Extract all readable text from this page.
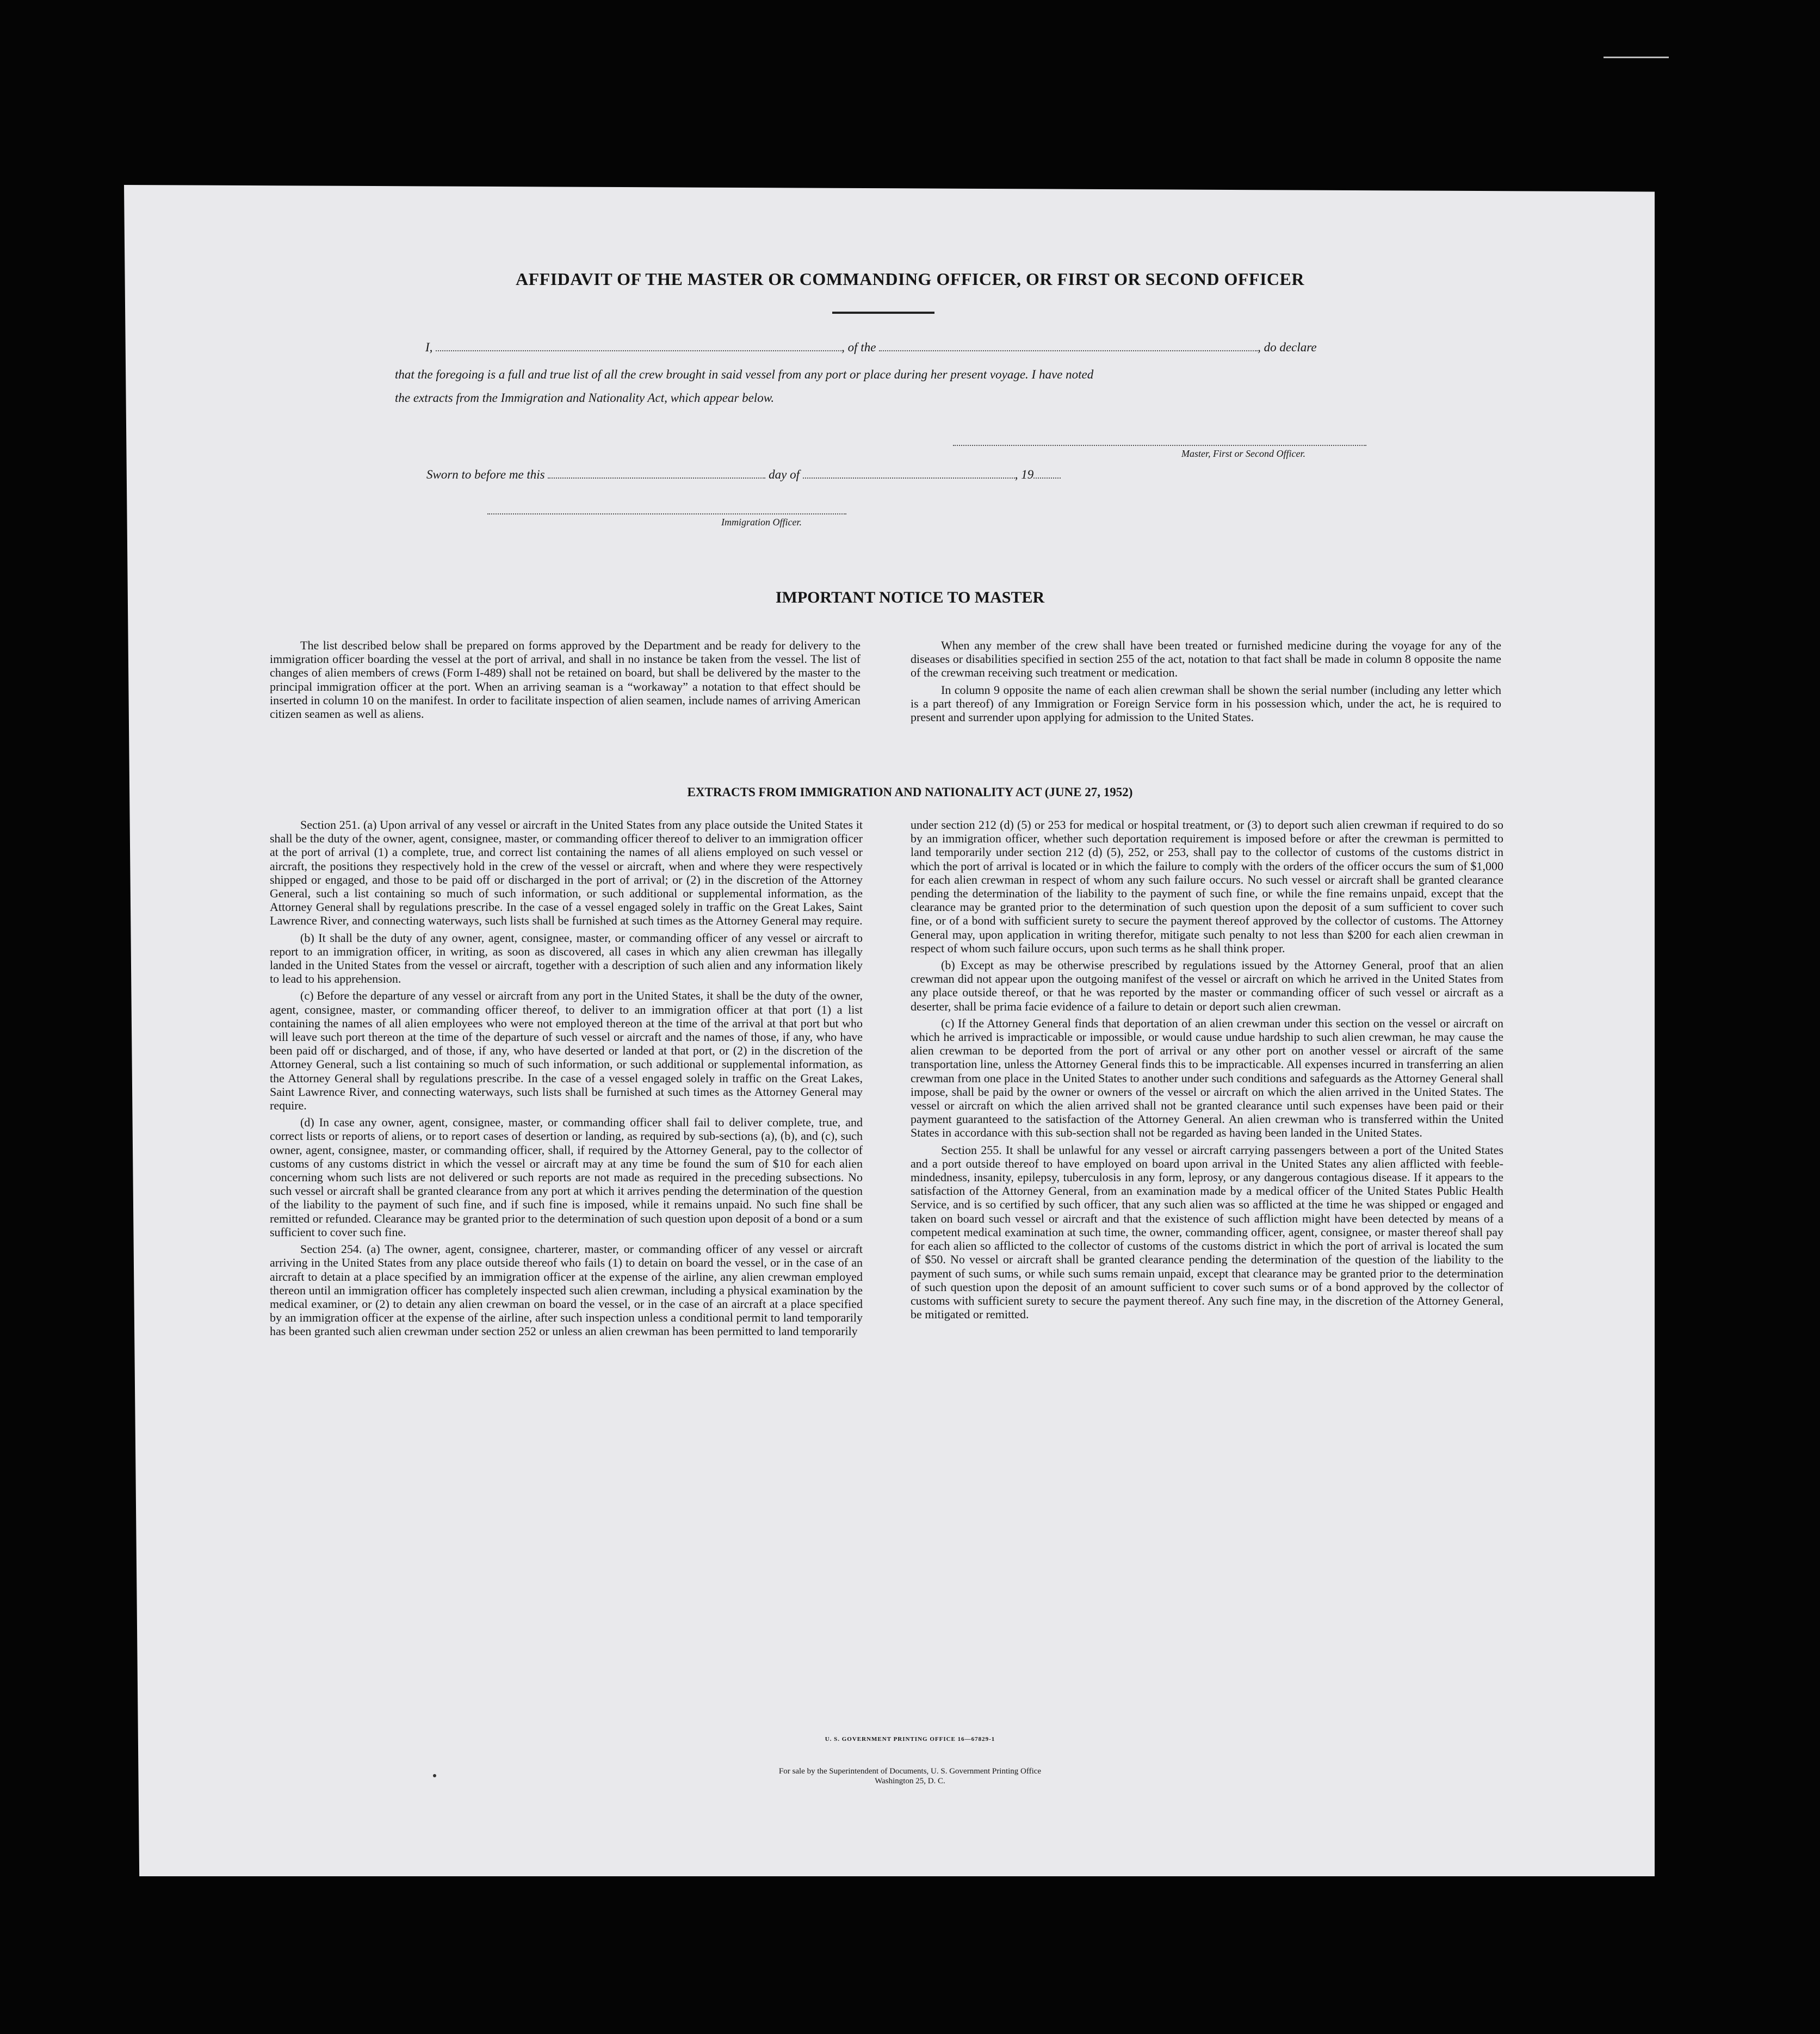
AFFIDAVIT OF THE MASTER OR COMMANDING OFFICER, OR FIRST OR SECOND OFFICER
I,	, of the	, do declare
that the foregoing is a full and true list of all the crew brought in said vessel from any port or place during her present voyage. I have noted
the extracts from the Immigration and Nationality Act, which appear below.
Master, First or Second Officer.
Sworn to before me this	day of	, 19
Immigration Officer.
IMPORTANT NOTICE TO MASTER

The list described below shall be prepared on forms approved by the Department and be ready for delivery to the immigration officer boarding the vessel at the port of arrival, and shall in no instance be taken from the vessel. The list of changes of alien members of crews (Form I-489) shall not be retained on board, but shall be delivered by the master to the principal immigration officer at the port. When an arriving seaman is a “workaway” a notation to that effect should be inserted in column 10 on the manifest. In order to facilitate inspection of alien seamen, include names of arriving American citizen seamen as well as aliens.

When any member of the crew shall have been treated or furnished medicine during the voyage for any of the diseases or disabilities specified in section 255 of the act, notation to that fact shall be made in column 8 opposite the name of the crewman receiving such treatment or medication.

In column 9 opposite the name of each alien crewman shall be shown the serial number (including any letter which is a part thereof) of any Immigration or Foreign Service form in his possession which, under the act, he is required to present and surrender upon applying for admission to the United States.

EXTRACTS FROM IMMIGRATION AND NATIONALITY ACT (JUNE 27, 1952)

Section 251. (a) Upon arrival of any vessel or aircraft in the United States from any place outside the United States it shall be the duty of the owner, agent, consignee, master, or commanding officer thereof to deliver to an immigration officer at the port of arrival (1) a complete, true, and correct list containing the names of all aliens employed on such vessel or aircraft, the positions they respectively hold in the crew of the vessel or aircraft, when and where they were respectively shipped or engaged, and those to be paid off or discharged in the port of arrival; or (2) in the discretion of the Attorney General, such a list containing so much of such information, or such additional or supplemental information, as the Attorney General shall by regulations prescribe. In the case of a vessel engaged solely in traffic on the Great Lakes, Saint Lawrence River, and connecting waterways, such lists shall be furnished at such times as the Attorney General may require.

(b) It shall be the duty of any owner, agent, consignee, master, or commanding officer of any vessel or aircraft to report to an immigration officer, in writing, as soon as discovered, all cases in which any alien crewman has illegally landed in the United States from the vessel or aircraft, together with a description of such alien and any information likely to lead to his apprehension.

(c) Before the departure of any vessel or aircraft from any port in the United States, it shall be the duty of the owner, agent, consignee, master, or commanding officer thereof, to deliver to an immigration officer at that port (1) a list containing the names of all alien employees who were not employed thereon at the time of the arrival at that port but who will leave such port thereon at the time of the departure of such vessel or aircraft and the names of those, if any, who have been paid off or discharged, and of those, if any, who have deserted or landed at that port, or (2) in the discretion of the Attorney General, such a list containing so much of such information, or such additional or supplemental information, as the Attorney General shall by regulations prescribe. In the case of a vessel engaged solely in traffic on the Great Lakes, Saint Lawrence River, and connecting waterways, such lists shall be furnished at such times as the Attorney General may require.

(d) In case any owner, agent, consignee, master, or commanding officer shall fail to deliver complete, true, and correct lists or reports of aliens, or to report cases of desertion or landing, as required by sub-sections (a), (b), and (c), such owner, agent, consignee, master, or commanding officer, shall, if required by the Attorney General, pay to the collector of customs of any customs district in which the vessel or aircraft may at any time be found the sum of $10 for each alien concerning whom such lists are not delivered or such reports are not made as required in the preceding subsections. No such vessel or aircraft shall be granted clearance from any port at which it arrives pending the determination of the question of the liability to the payment of such fine, and if such fine is imposed, while it remains unpaid. No such fine shall be remitted or refunded. Clearance may be granted prior to the determination of such question upon deposit of a bond or a sum sufficient to cover such fine.

Section 254. (a) The owner, agent, consignee, charterer, master, or commanding officer of any vessel or aircraft arriving in the United States from any place outside thereof who fails (1) to detain on board the vessel, or in the case of an aircraft to detain at a place specified by an immigration officer at the expense of the airline, any alien crewman employed thereon until an immigration officer has completely inspected such alien crewman, including a physical examination by the medical examiner, or (2) to detain any alien crewman on board the vessel, or in the case of an aircraft at a place specified by an immigration officer at the expense of the airline, after such inspection unless a conditional permit to land temporarily has been granted such alien crewman under section 252 or unless an alien crewman has been permitted to land temporarily

under section 212 (d) (5) or 253 for medical or hospital treatment, or (3) to deport such alien crewman if required to do so by an immigration officer, whether such deportation requirement is imposed before or after the crewman is permitted to land temporarily under section 212 (d) (5), 252, or 253, shall pay to the collector of customs of the customs district in which the port of arrival is located or in which the failure to comply with the orders of the officer occurs the sum of $1,000 for each alien crewman in respect of whom any such failure occurs. No such vessel or aircraft shall be granted clearance pending the determination of the liability to the payment of such fine, or while the fine remains unpaid, except that the clearance may be granted prior to the determination of such question upon the deposit of a sum sufficient to cover such fine, or of a bond with sufficient surety to secure the payment thereof approved by the collector of customs. The Attorney General may, upon application in writing therefor, mitigate such penalty to not less than $200 for each alien crewman in respect of whom such failure occurs, upon such terms as he shall think proper.

(b) Except as may be otherwise prescribed by regulations issued by the Attorney General, proof that an alien crewman did not appear upon the outgoing manifest of the vessel or aircraft on which he arrived in the United States from any place outside thereof, or that he was reported by the master or commanding officer of such vessel or aircraft as a deserter, shall be prima facie evidence of a failure to detain or deport such alien crewman.

(c) If the Attorney General finds that deportation of an alien crewman under this section on the vessel or aircraft on which he arrived is impracticable or impossible, or would cause undue hardship to such alien crewman, he may cause the alien crewman to be deported from the port of arrival or any other port on another vessel or aircraft of the same transportation line, unless the Attorney General finds this to be impracticable. All expenses incurred in transferring an alien crewman from one place in the United States to another under such conditions and safeguards as the Attorney General shall impose, shall be paid by the owner or owners of the vessel or aircraft on which the alien arrived in the United States. The vessel or aircraft on which the alien arrived shall not be granted clearance until such expenses have been paid or their payment guaranteed to the satisfaction of the Attorney General. An alien crewman who is transferred within the United States in accordance with this sub-section shall not be regarded as having been landed in the United States.

Section 255. It shall be unlawful for any vessel or aircraft carrying passengers between a port of the United States and a port outside thereof to have employed on board upon arrival in the United States any alien afflicted with feeble-mindedness, insanity, epilepsy, tuberculosis in any form, leprosy, or any dangerous contagious disease. If it appears to the satisfaction of the Attorney General, from an examination made by a medical officer of the United States Public Health Service, and is so certified by such officer, that any such alien was so afflicted at the time he was shipped or engaged and taken on board such vessel or aircraft and that the existence of such affliction might have been detected by means of a competent medical examination at such time, the owner, commanding officer, agent, consignee, or master thereof shall pay for each alien so afflicted to the collector of customs of the customs district in which the port of arrival is located the sum of $50. No vessel or aircraft shall be granted clearance pending the determination of the question of the liability to the payment of such sums, or while such sums remain unpaid, except that clearance may be granted prior to the determination of such question upon the deposit of an amount sufficient to cover such sums or of a bond approved by the collector of customs with sufficient surety to secure the payment thereof. Any such fine may, in the discretion of the Attorney General, be mitigated or remitted.

U. S. GOVERNMENT PRINTING OFFICE 16—67829-1
For sale by the Superintendent of Documents, U. S. Government Printing Office
Washington 25, D. C.
